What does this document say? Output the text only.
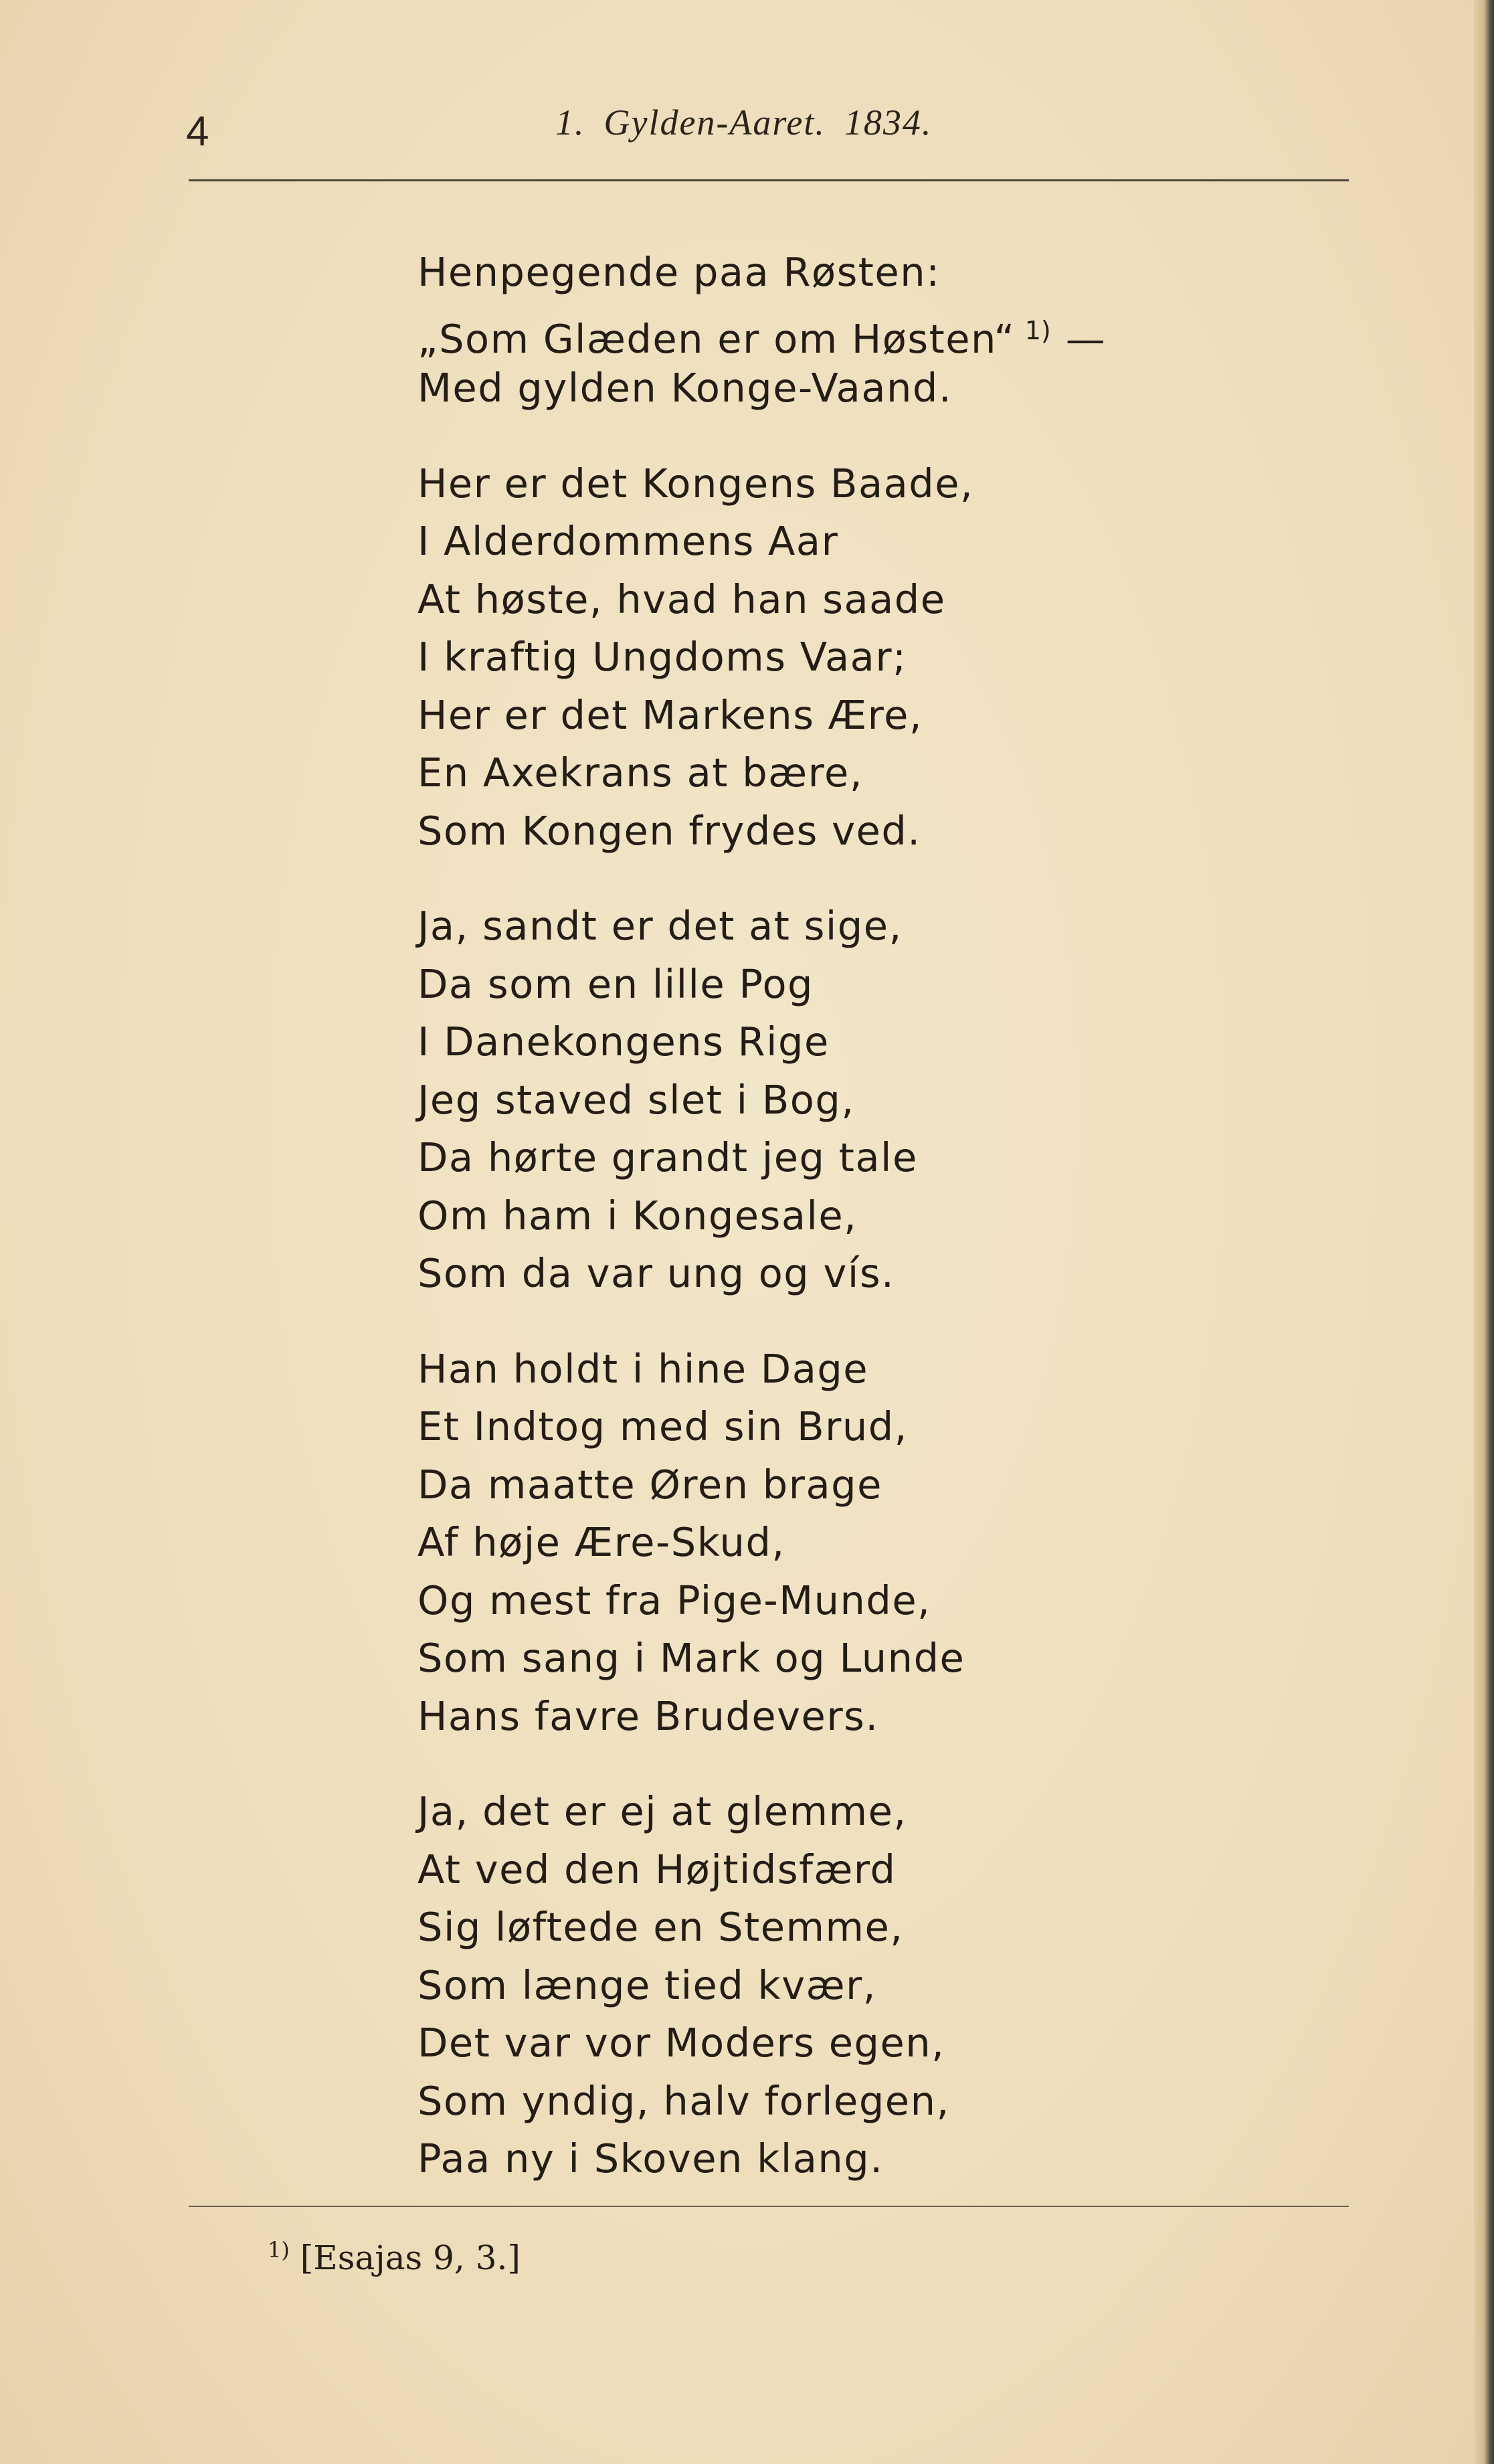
4	1. Gylden-Aaret. 1834.
Henpegende paa Røsten:
„Som Glæden er om Høsten“ $^{1)}$ —
Med gylden Konge-Vaand.
Her er det Kongens Baade,
I Alderdommens Aar
At høste, hvad han saade
I kraftig Ungdoms Vaar;
Her er det Markens Ære,
En Axekrans at bære,
Som Kongen frydes ved.
Ja, sandt er det at sige,
Da som en lille Pog
I Danekongens Rige
Jeg staved slet i Bog,
Da hørte grandt jeg tale
Om ham i Kongesale,
Som da var ung og vís.
Han holdt i hine Dage
Et Indtog med sin Brud,
Da maatte Øren brage
Af høje Ære-Skud,
Og mest fra Pige-Munde,
Som sang i Mark og Lunde
Hans favre Brudevers.
Ja, det er ej at glemme,
At ved den Højtidsfærd
Sig løftede en Stemme,
Som længe tied kvær,
Det var vor Moders egen,
Som yndig, halv forlegen,
Paa ny i Skoven klang.
$^{1)}$ [Esajas 9, 3.]
